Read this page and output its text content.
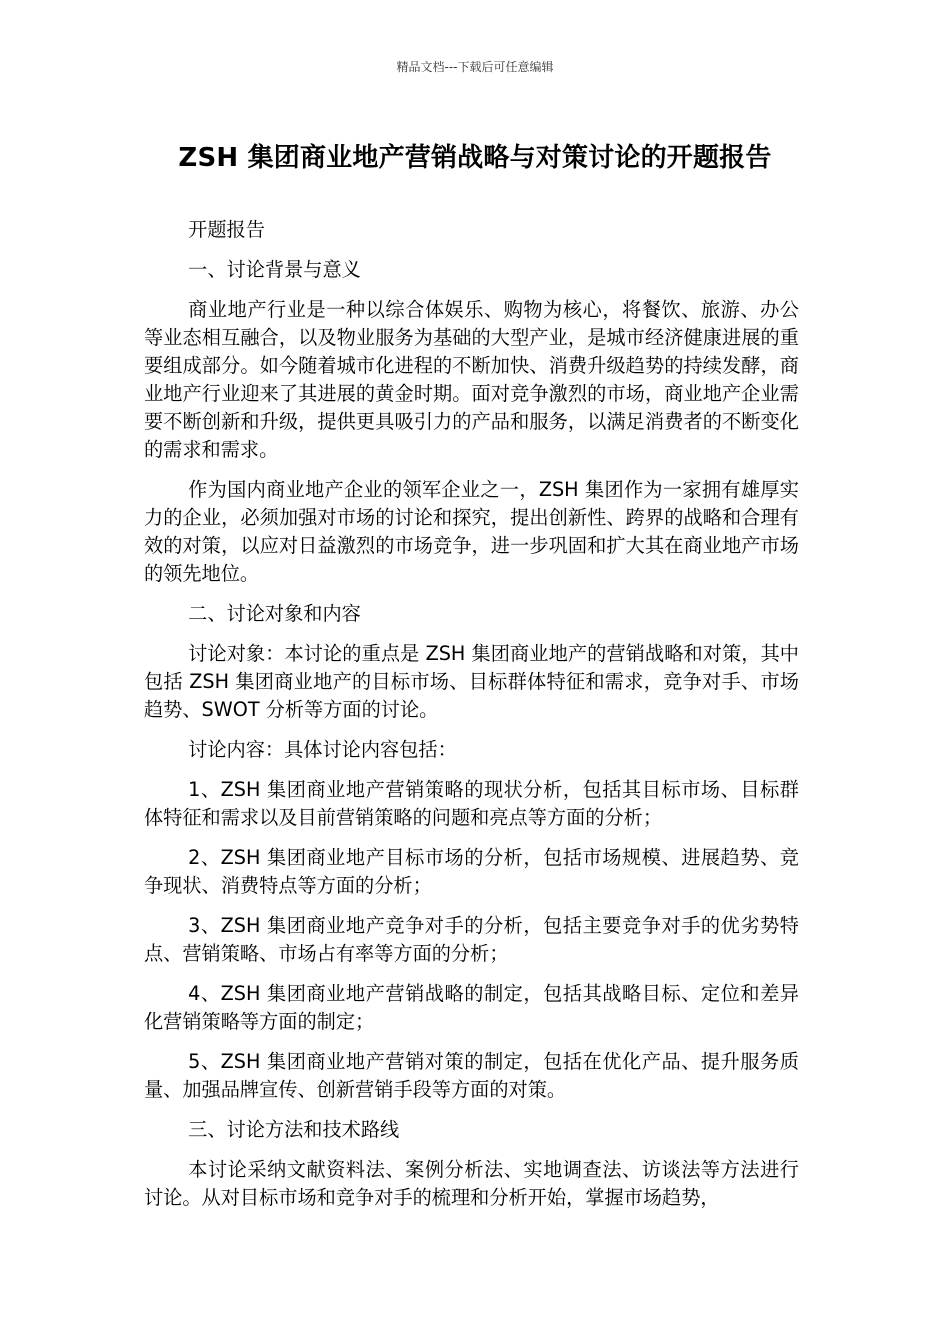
精品文档---下载后可任意编辑
ZSH 集团商业地产营销战略与对策讨论的开题报告

开题报告

一、讨论背景与意义

商业地产行业是一种以综合体娱乐、购物为核心，将餐饮、旅游、办公等业态相互融合，以及物业服务为基础的大型产业，是城市经济健康进展的重要组成部分。如今随着城市化进程的不断加快、消费升级趋势的持续发酵，商业地产行业迎来了其进展的黄金时期。面对竞争激烈的市场，商业地产企业需要不断创新和升级，提供更具吸引力的产品和服务，以满足消费者的不断变化的需求和需求。

作为国内商业地产企业的领军企业之一，ZSH 集团作为一家拥有雄厚实力的企业，必须加强对市场的讨论和探究，提出创新性、跨界的战略和合理有效的对策，以应对日益激烈的市场竞争，进一步巩固和扩大其在商业地产市场的领先地位。

二、讨论对象和内容

讨论对象：本讨论的重点是 ZSH 集团商业地产的营销战略和对策，其中包括 ZSH 集团商业地产的目标市场、目标群体特征和需求，竞争对手、市场趋势、SWOT 分析等方面的讨论。

讨论内容：具体讨论内容包括：

1、ZSH 集团商业地产营销策略的现状分析，包括其目标市场、目标群体特征和需求以及目前营销策略的问题和亮点等方面的分析；

2、ZSH 集团商业地产目标市场的分析，包括市场规模、进展趋势、竞争现状、消费特点等方面的分析；

3、ZSH 集团商业地产竞争对手的分析，包括主要竞争对手的优劣势特点、营销策略、市场占有率等方面的分析；

4、ZSH 集团商业地产营销战略的制定，包括其战略目标、定位和差异化营销策略等方面的制定；

5、ZSH 集团商业地产营销对策的制定，包括在优化产品、提升服务质量、加强品牌宣传、创新营销手段等方面的对策。

三、讨论方法和技术路线

本讨论采纳文献资料法、案例分析法、实地调查法、访谈法等方法进行讨论。从对目标市场和竞争对手的梳理和分析开始，掌握市场趋势，
